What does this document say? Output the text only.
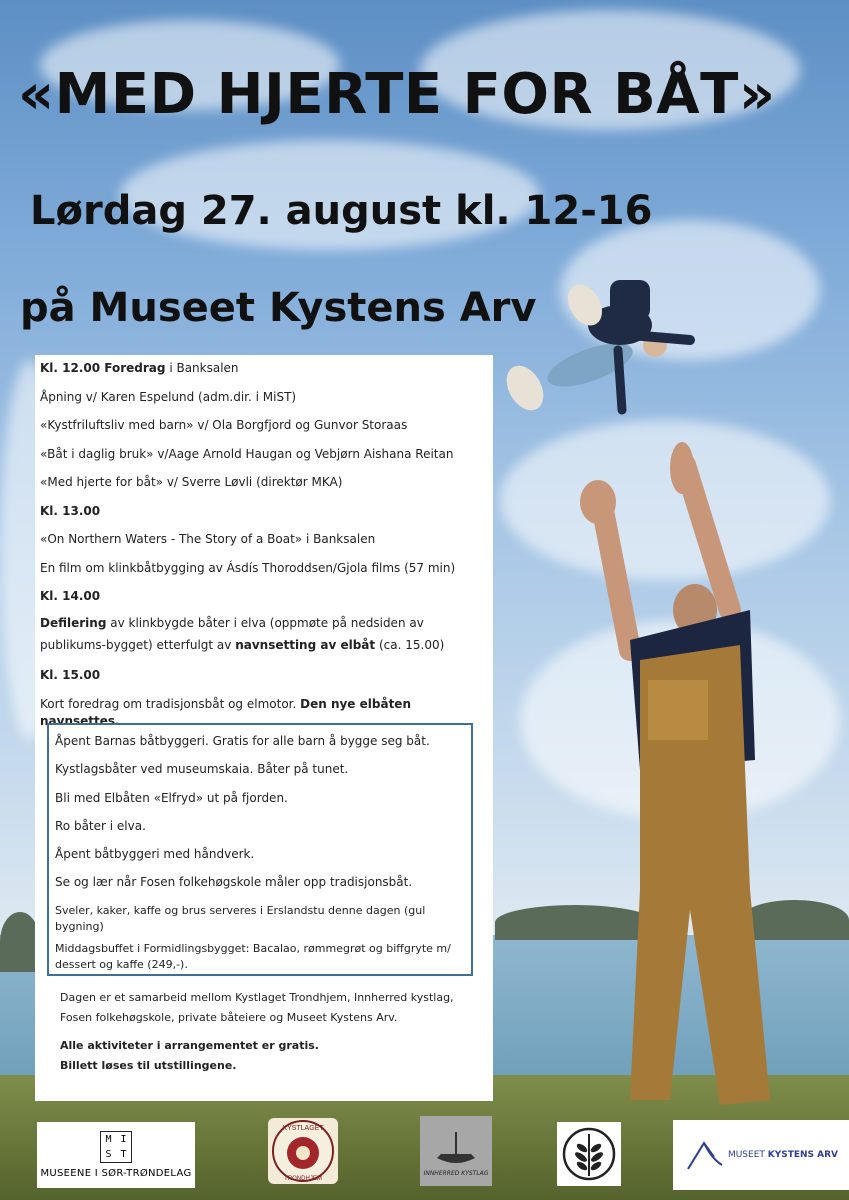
«MED HJERTE FOR BÅT»
Lørdag 27. august kl. 12-16
på Museet Kystens Arv

Kl. 12.00 Foredrag i Banksalen

Åpning v/ Karen Espelund (adm.dir. i MiST)

«Kystfriluftsliv med barn» v/ Ola Borgfjord og Gunvor Storaas

«Båt i daglig bruk» v/Aage Arnold Haugan og Vebjørn Aishana Reitan

«Med hjerte for båt» v/ Sverre Løvli (direktør MKA)

Kl. 13.00

«On Northern Waters - The Story of a Boat» i Banksalen

En film om klinkbåtbygging av Ásdís Thoroddsen/Gjola films (57 min)

Kl. 14.00

Defilering av klinkbygde båter i elva (oppmøte på nedsiden av publikums-bygget) etterfulgt av navnsetting av elbåt (ca. 15.00)

Kl. 15.00

Kort foredrag om tradisjonsbåt og elmotor. Den nye elbåten navnsettes.

Åpent Barnas båtbyggeri. Gratis for alle barn å bygge seg båt.

Kystlagsbåter ved museumskaia. Båter på tunet.

Bli med Elbåten «Elfryd» ut på fjorden.

Ro båter i elva.

Åpent båtbyggeri med håndverk.

Se og lær når Fosen folkehøgskole måler opp tradisjonsbåt.

Sveler, kaker, kaffe og brus serveres i Erslandstu denne dagen (gul bygning)

Middagsbuffet i Formidlingsbygget: Bacalao, rømmegrøt og biffgryte m/ dessert og kaffe (249,-).

Dagen er et samarbeid mellom Kystlaget Trondhjem, Innherred kystlag, Fosen folkehøgskole, private båteiere og Museet Kystens Arv.

Alle aktiviteter i arrangementet er gratis.

Billett løses til utstillingene.

M I
S T
MUSEENE I SØR-TRØNDELAG
KYSTLAGET
TRONDHJEM
INNHERRED KYSTLAG
MUSEET KYSTENS ARV
